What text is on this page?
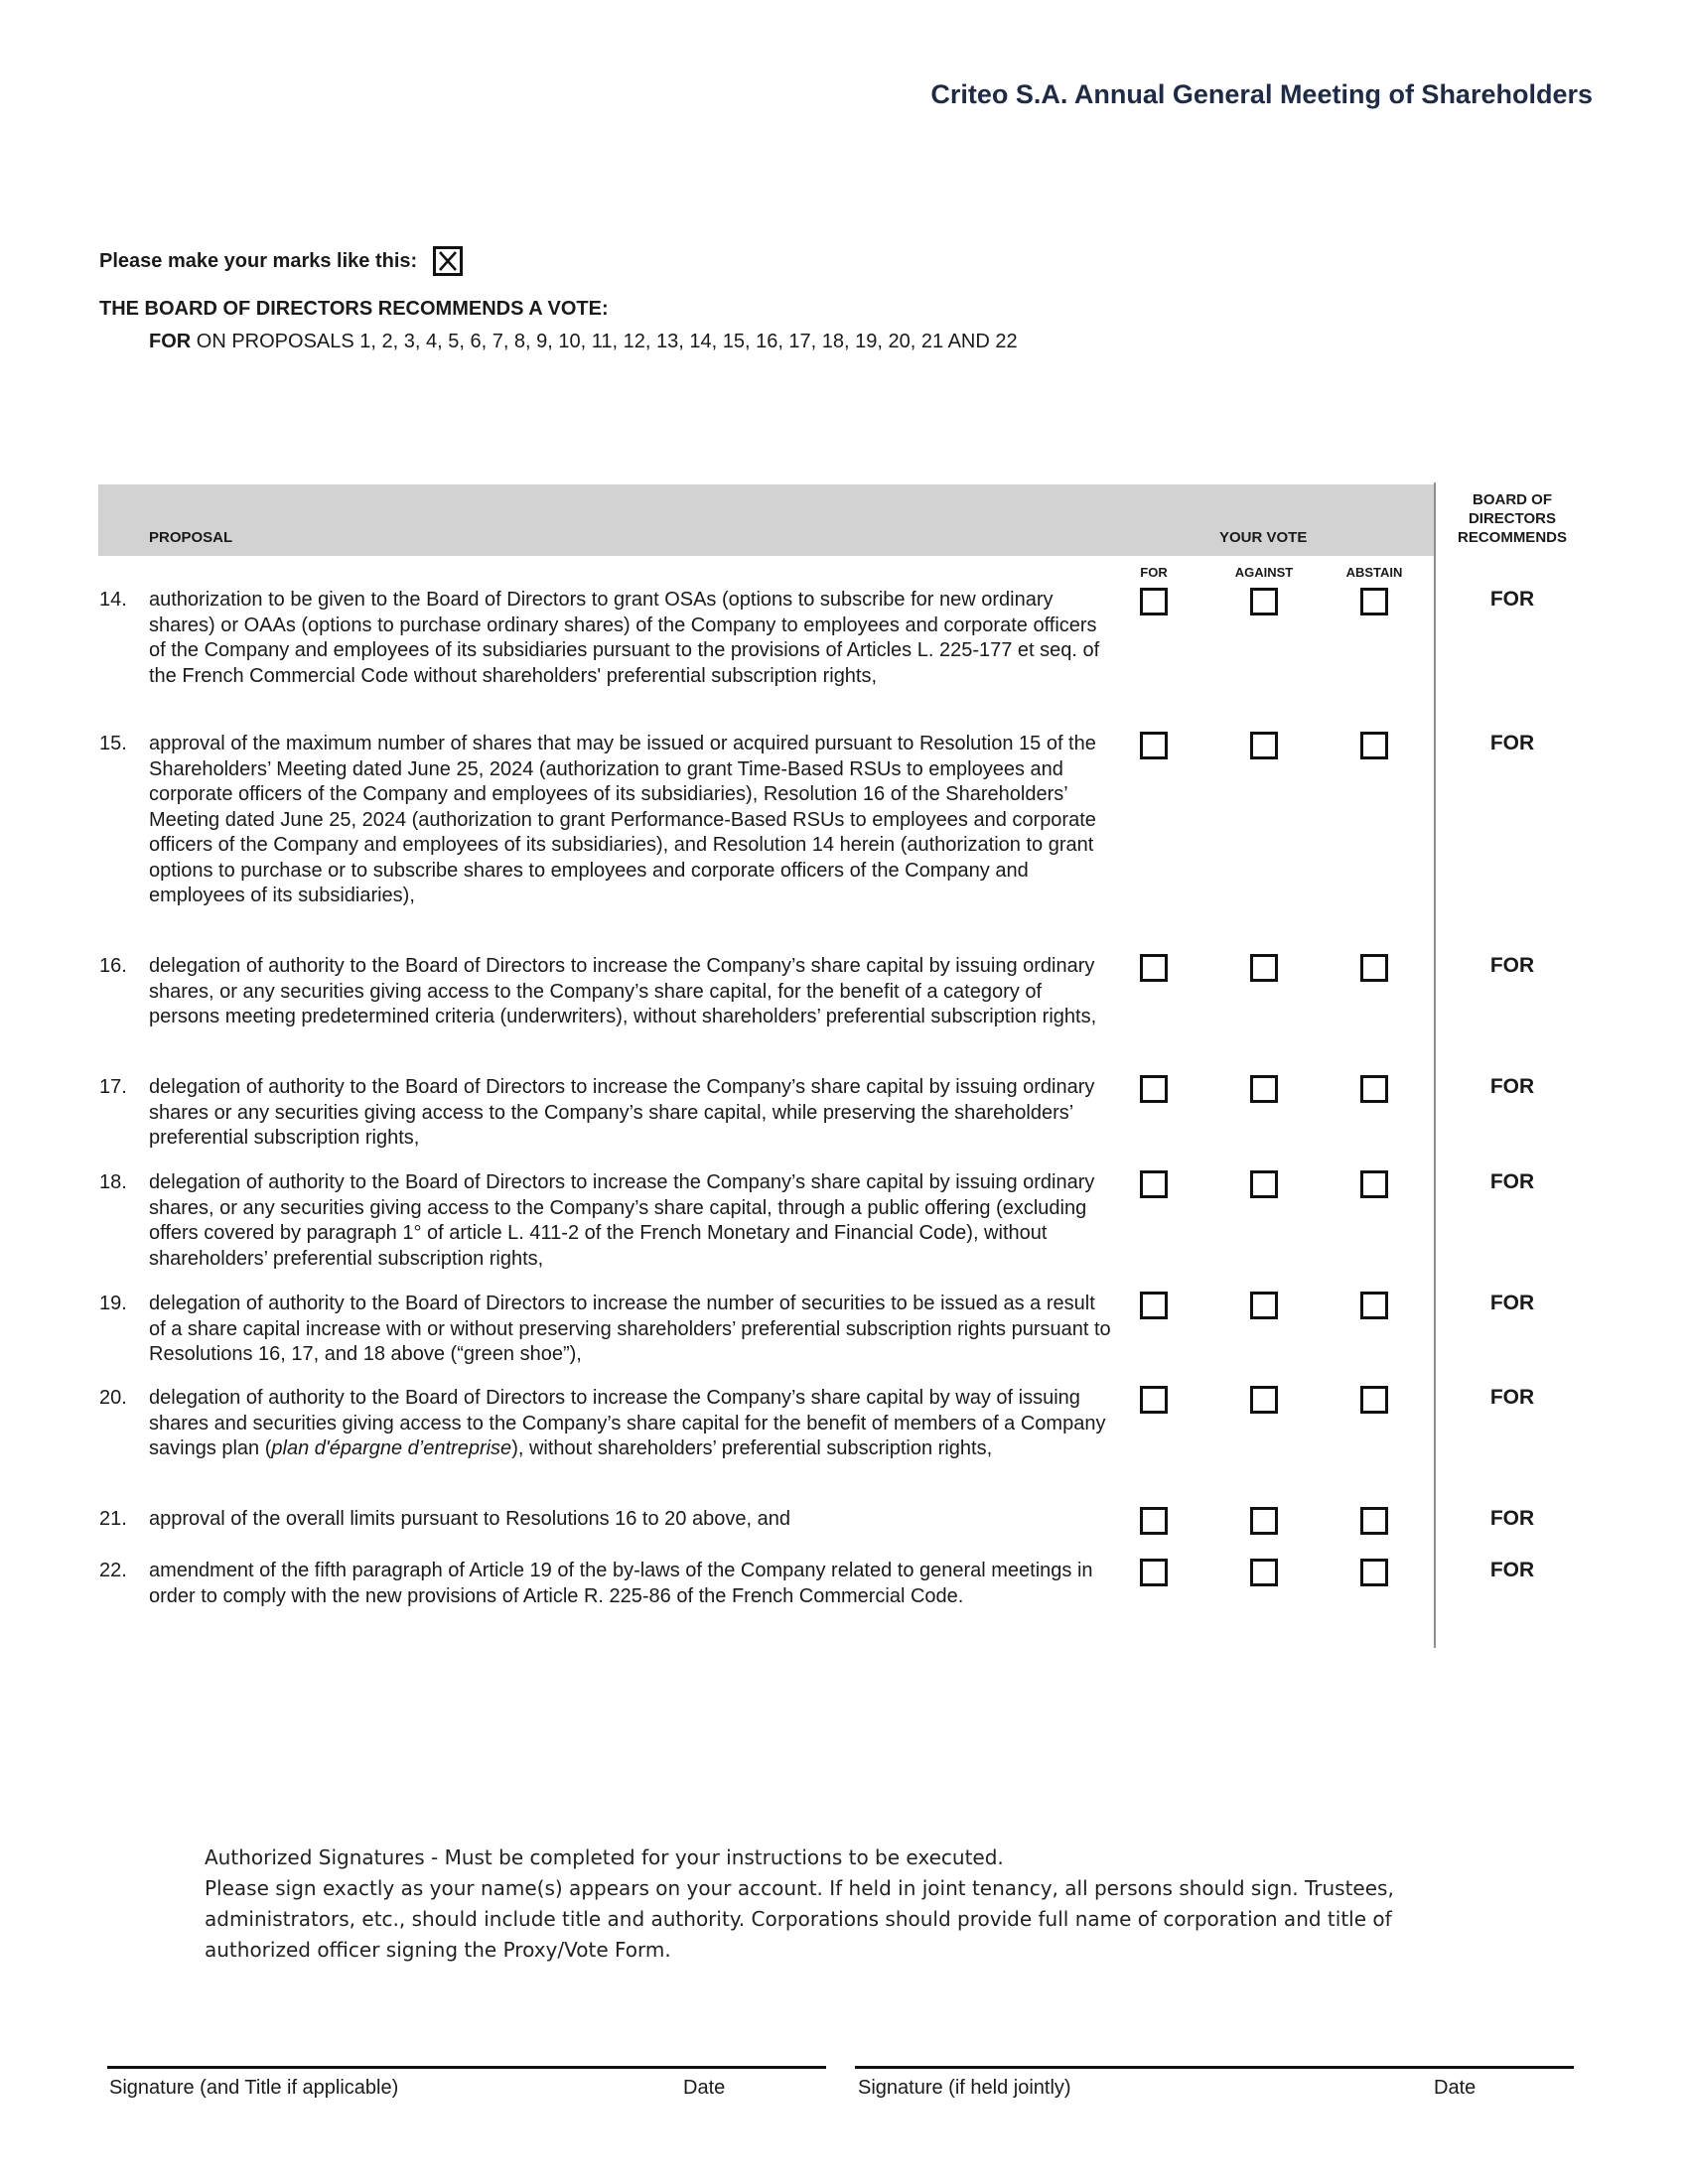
Criteo S.A. Annual General Meeting of Shareholders
Please make your marks like this:
THE BOARD OF DIRECTORS RECOMMENDS A VOTE:
FOR ON PROPOSALS 1, 2, 3, 4, 5, 6, 7, 8, 9, 10, 11, 12, 13, 14, 15, 16, 17, 18, 19, 20, 21 AND 22
PROPOSAL	YOUR VOTE
BOARD OF DIRECTORS RECOMMENDS
FOR	AGAINST	ABSTAIN
14. authorization to be given to the Board of Directors to grant OSAs (options to subscribe for new ordinary shares) or OAAs (options to purchase ordinary shares) of the Company to employees and corporate officers of the Company and employees of its subsidiaries pursuant to the provisions of Articles L. 225-177 et seq. of the French Commercial Code without shareholders' preferential subscription rights,
FOR
15. approval of the maximum number of shares that may be issued or acquired pursuant to Resolution 15 of the Shareholders’ Meeting dated June 25, 2024 (authorization to grant Time-Based RSUs to employees and corporate officers of the Company and employees of its subsidiaries), Resolution 16 of the Shareholders’ Meeting dated June 25, 2024 (authorization to grant Performance-Based RSUs to employees and corporate officers of the Company and employees of its subsidiaries), and Resolution 14 herein (authorization to grant options to purchase or to subscribe shares to employees and corporate officers of the Company and employees of its subsidiaries),
FOR
16. delegation of authority to the Board of Directors to increase the Company’s share capital by issuing ordinary shares, or any securities giving access to the Company’s share capital, for the benefit of a category of persons meeting predetermined criteria (underwriters), without shareholders’ preferential subscription rights,
FOR
17. delegation of authority to the Board of Directors to increase the Company’s share capital by issuing ordinary shares or any securities giving access to the Company’s share capital, while preserving the shareholders’ preferential subscription rights,
FOR
18. delegation of authority to the Board of Directors to increase the Company’s share capital by issuing ordinary shares, or any securities giving access to the Company’s share capital, through a public offering (excluding offers covered by paragraph 1° of article L. 411-2 of the French Monetary and Financial Code), without shareholders’ preferential subscription rights,
FOR
19. delegation of authority to the Board of Directors to increase the number of securities to be issued as a result of a share capital increase with or without preserving shareholders’ preferential subscription rights pursuant to Resolutions 16, 17, and 18 above (“green shoe”),
FOR
20. delegation of authority to the Board of Directors to increase the Company’s share capital by way of issuing shares and securities giving access to the Company’s share capital for the benefit of members of a Company savings plan (plan d'épargne d’entreprise), without shareholders’ preferential subscription rights,
FOR
21. approval of the overall limits pursuant to Resolutions 16 to 20 above, and	FOR
22. amendment of the fifth paragraph of Article 19 of the by-laws of the Company related to general meetings in order to comply with the new provisions of Article R. 225-86 of the French Commercial Code.
FOR
Authorized Signatures - Must be completed for your instructions to be executed.
Please sign exactly as your name(s) appears on your account. If held in joint tenancy, all persons should sign. Trustees, administrators, etc., should include title and authority. Corporations should provide full name of corporation and title of authorized officer signing the Proxy/Vote Form.
Signature (and Title if applicable)	Date	Signature (if held jointly)	Date
